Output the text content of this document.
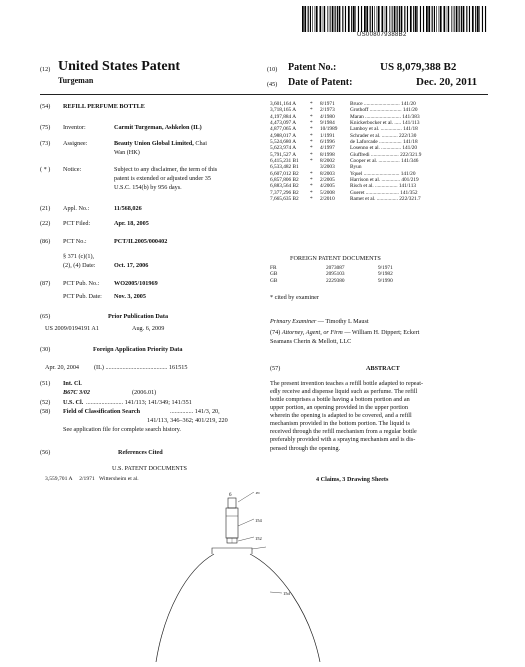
US008079388B2
(12) United States Patent
Turgeman
(10) Patent No.:	US 8,079,388 B2
(45) Date of Patent:	Dec. 20, 2011
(54) REFILL PERFUME BOTTLE
(75) Inventor:	Carmit Turgeman, Ashkelon (IL)
(73) Assignee:	Beauty Union Global Limited, Chai
Wan (HK)
( * ) Notice:	Subject to any disclaimer, the term of this
patent is extended or adjusted under 35
U.S.C. 154(b) by 956 days.
(21) Appl. No.:	11/568,026
(22) PCT Filed:	Apr. 18, 2005
(86) PCT No.:	PCT/IL2005/000402
§ 371 (c)(1),
(2), (4) Date:	Oct. 17, 2006
(87) PCT Pub. No.: WO2005/101969
PCT Pub. Date: Nov. 3, 2005
(65)	Prior Publication Data
US 2009/0194191 A1	Aug. 6, 2009
(30)	Foreign Application Priority Data
Apr. 20, 2004 (IL) ........................................ 161515
(51) Int. Cl.
B67C 3/02	(2006.01)
(52) U.S. Cl. ........................ 141/113; 141/349; 141/351
(58) Field of Classification Search	............... 141/3, 20,
141/113, 346–362; 401/219, 220
See application file for complete search history.
(56)	References Cited
U.S. PATENT DOCUMENTS
3,559,701 A 2/1971 Wittersheim et al.
3,601,164 A	*	8/1971	Bruce ........................... 141/20
3,718,165 A	*	2/1973	Grothoff ........................ 141/20
4,197,884 A	*	4/1980	Maran ........................... 141/383
4,473,097 A	*	9/1984	Knickerbocker et al. ..... 141/113
4,877,065 A	*	10/1989	Lamboy et al. ................ 141/18
4,988,017 A	*	1/1991	Schrader et al. ............ 222/130
5,524,680 A	*	6/1996	de Laforcade ................. 141/18
5,623,974 A	*	4/1997	Losenno et al. ............... 141/20
5,791,527 A	*	8/1998	Giuffredi ..................... 222/321.9
6,415,231 B1	*	8/2002	Cooper et al. ................ 141/346
6,533,482 B1		3/2003	Byun
6,607,012 B2	*	8/2003	Yquel ........................... 141/20
6,857,806 B2	*	2/2005	Harrison et al. .............. 401/219
6,883,564 B2	*	4/2005	Risch et al. ................. 141/113
7,377,296 B2	*	5/2008	Gueret ......................... 141/352
7,665,635 B2	*	2/2010	Ramet et al. ................ 222/321.7
FOREIGN PATENT DOCUMENTS
FR	2073087	9/1971
GB	2095103	9/1982
GB	2229380	9/1990
* cited by examiner
Primary Examiner — Timothy L Maust
(74) Attorney, Agent, or Firm — William H. Dippert; Eckert
Seamans Cherin & Mellott, LLC
(57)	ABSTRACT
The present invention teaches a refill bottle adapted to repeat-
edly receive and dispense liquid such as perfume. The refill
bottle comprises a bottle having a bottom portion and an
upper portion, an opening provided in the upper portion
wherein the opening is adapted to be covered, and a refill
mechanism provided in the bottom portion. The liquid is
received through the refill mechanism from a regular bottle
preferably provided with a spraying mechanism and is dis-
pensed through the opening.
4 Claims, 3 Drawing Sheets
6
16
154
152
15d
